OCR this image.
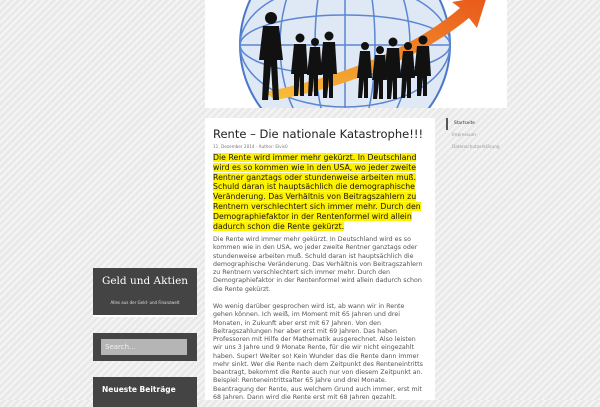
Rente – Die nationale Katastrophe!!!
11. Dezember 2014 · Author: Elvis0
Die Rente wird immer mehr gekürzt. In Deutschland wird es so kommen wie in den USA, wo jeder zweite Rentner ganztags oder stundenweise arbeiten muß. Schuld daran ist hauptsächlich die demographische Veränderung. Das Verhältnis von Beitragszahlern zu Rentnern verschlechtert sich immer mehr. Durch den Demographiefaktor in der Rentenformel wird allein dadurch schon die Rente gekürzt.
Die Rente wird immer mehr gekürzt. In Deutschland wird es so kommen wie in den USA, wo jeder zweite Rentner ganztags oder stundenweise arbeiten muß. Schuld daran ist hauptsächlich die demographische Veränderung. Das Verhältnis von Beitragszahlern zu Rentnern verschlechtert sich immer mehr. Durch den Demographiefaktor in der Rentenformel wird allein dadurch schon die Rente gekürzt.
Wo wenig darüber gesprochen wird ist, ab wann wir in Rente gehen können. Ich weiß, im Moment mit 65 Jahren und drei Monaten, in Zukunft aber erst mit 67 Jahren. Von den Beitragszahlungen her aber erst mit 69 Jahren. Das haben Professoren mit Hilfe der Mathematik ausgerechnet. Also leisten wir uns 3 Jahre und 9 Monate Rente, für die wir nicht eingezahlt haben. Super! Weiter so! Kein Wunder das die Rente dann immer mehr sinkt. Wer die Rente nach dem Zeitpunkt des Renteneintritts beantragt, bekommt die Rente auch nur von diesem Zeitpunkt an. Beispiel: Renteneintrittsalter 65 Jahre und drei Monate. Beantragung der Rente, aus welchem Grund auch immer, erst mit 68 Jahren. Dann wird die Rente erst mit 68 Jahren gezahlt.
Geld und Aktien
Alles aus der Geld- und Finanzwelt
Search...
Neueste Beiträge
Startseite
Impressum
Datenschutzerklärung
